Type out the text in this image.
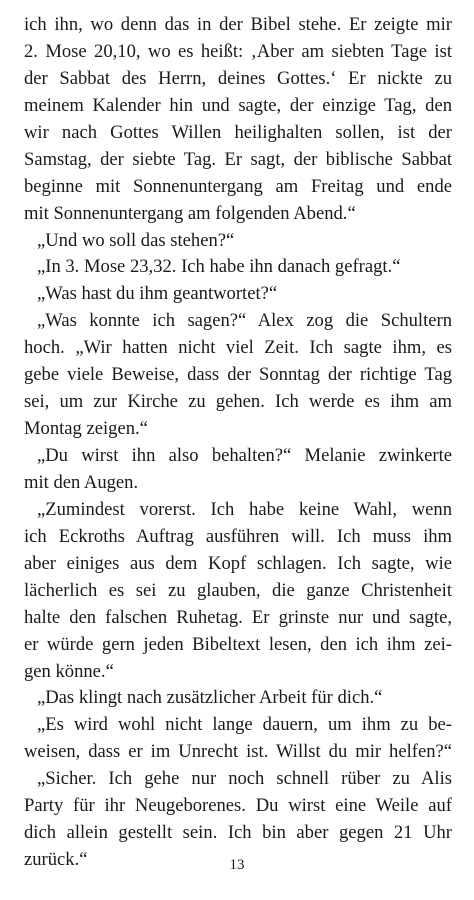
ich ihn, wo denn das in der Bibel stehe. Er zeigte mir
2. Mose 20,10, wo es heißt: ‚Aber am siebten Tage ist
der Sabbat des Herrn, deines Gottes.‘ Er nickte zu
meinem Kalender hin und sagte, der einzige Tag, den
wir nach Gottes Willen heilighalten sollen, ist der
Samstag, der siebte Tag. Er sagt, der biblische Sabbat
beginne mit Sonnenuntergang am Freitag und ende
mit Sonnenuntergang am folgenden Abend.“
„Und wo soll das stehen?“
„In 3. Mose 23,32. Ich habe ihn danach gefragt.“
„Was hast du ihm geantwortet?“
„Was konnte ich sagen?“ Alex zog die Schultern
hoch. „Wir hatten nicht viel Zeit. Ich sagte ihm, es
gebe viele Beweise, dass der Sonntag der richtige Tag
sei, um zur Kirche zu gehen. Ich werde es ihm am
Montag zeigen.“
„Du wirst ihn also behalten?“ Melanie zwinkerte
mit den Augen.
„Zumindest vorerst. Ich habe keine Wahl, wenn
ich Eckroths Auftrag ausführen will. Ich muss ihm
aber einiges aus dem Kopf schlagen. Ich sagte, wie
lächerlich es sei zu glauben, die ganze Christenheit
halte den falschen Ruhetag. Er grinste nur und sagte,
er würde gern jeden Bibeltext lesen, den ich ihm zei-
gen könne.“
„Das klingt nach zusätzlicher Arbeit für dich.“
„Es wird wohl nicht lange dauern, um ihm zu be-
weisen, dass er im Unrecht ist. Willst du mir helfen?“
„Sicher. Ich gehe nur noch schnell rüber zu Alis
Party für ihr Neugeborenes. Du wirst eine Weile auf
dich allein gestellt sein. Ich bin aber gegen 21 Uhr
zurück.“	13
